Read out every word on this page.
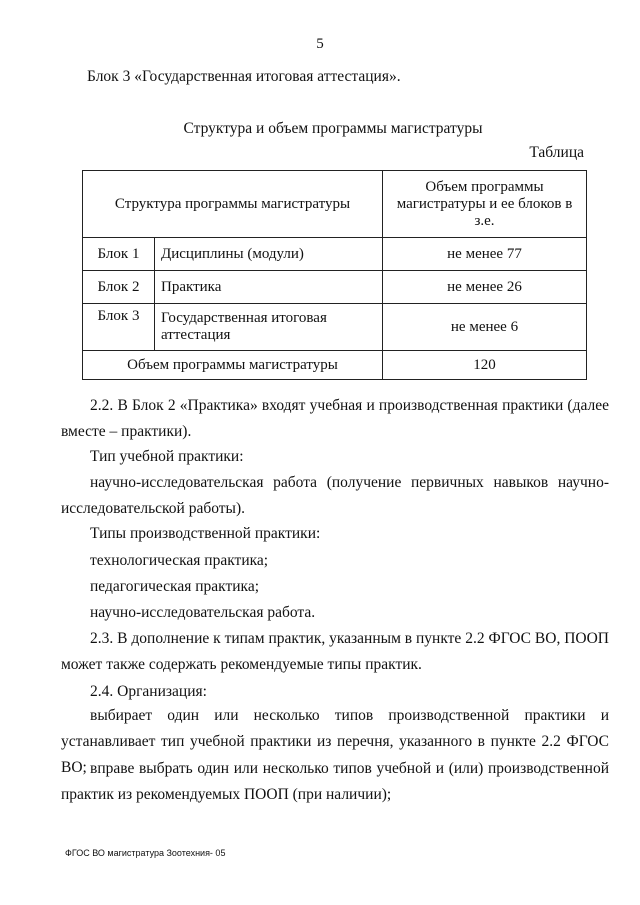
5
Блок 3 «Государственная итоговая аттестация».
Структура и объем программы магистратуры
Таблица
Структура программы магистратуры		Объем программы магистратуры и ее блоков в з.е.
Блок 1	Дисциплины (модули)	не менее 77
Блок 2	Практика	не менее 26
Блок 3	Государственная итоговая аттестация	не менее 6
Объем программы магистратуры		120
2.2. В Блок 2 «Практика» входят учебная и производственная практики (далее вместе – практики).
Тип учебной практики:
научно-исследовательская работа (получение первичных навыков научно-исследовательской работы).
Типы производственной практики:
технологическая практика;
педагогическая практика;
научно-исследовательская работа.
2.3. В дополнение к типам практик, указанным в пункте 2.2 ФГОС ВО, ПООП может также содержать рекомендуемые типы практик.
2.4. Организация:
выбирает один или несколько типов производственной практики и устанавливает тип учебной практики из перечня, указанного в пункте 2.2 ФГОС ВО; вправе выбрать один или несколько типов учебной и (или) производственной практик из рекомендуемых ПООП (при наличии);
ФГОС ВО магистратура Зоотехния- 05
